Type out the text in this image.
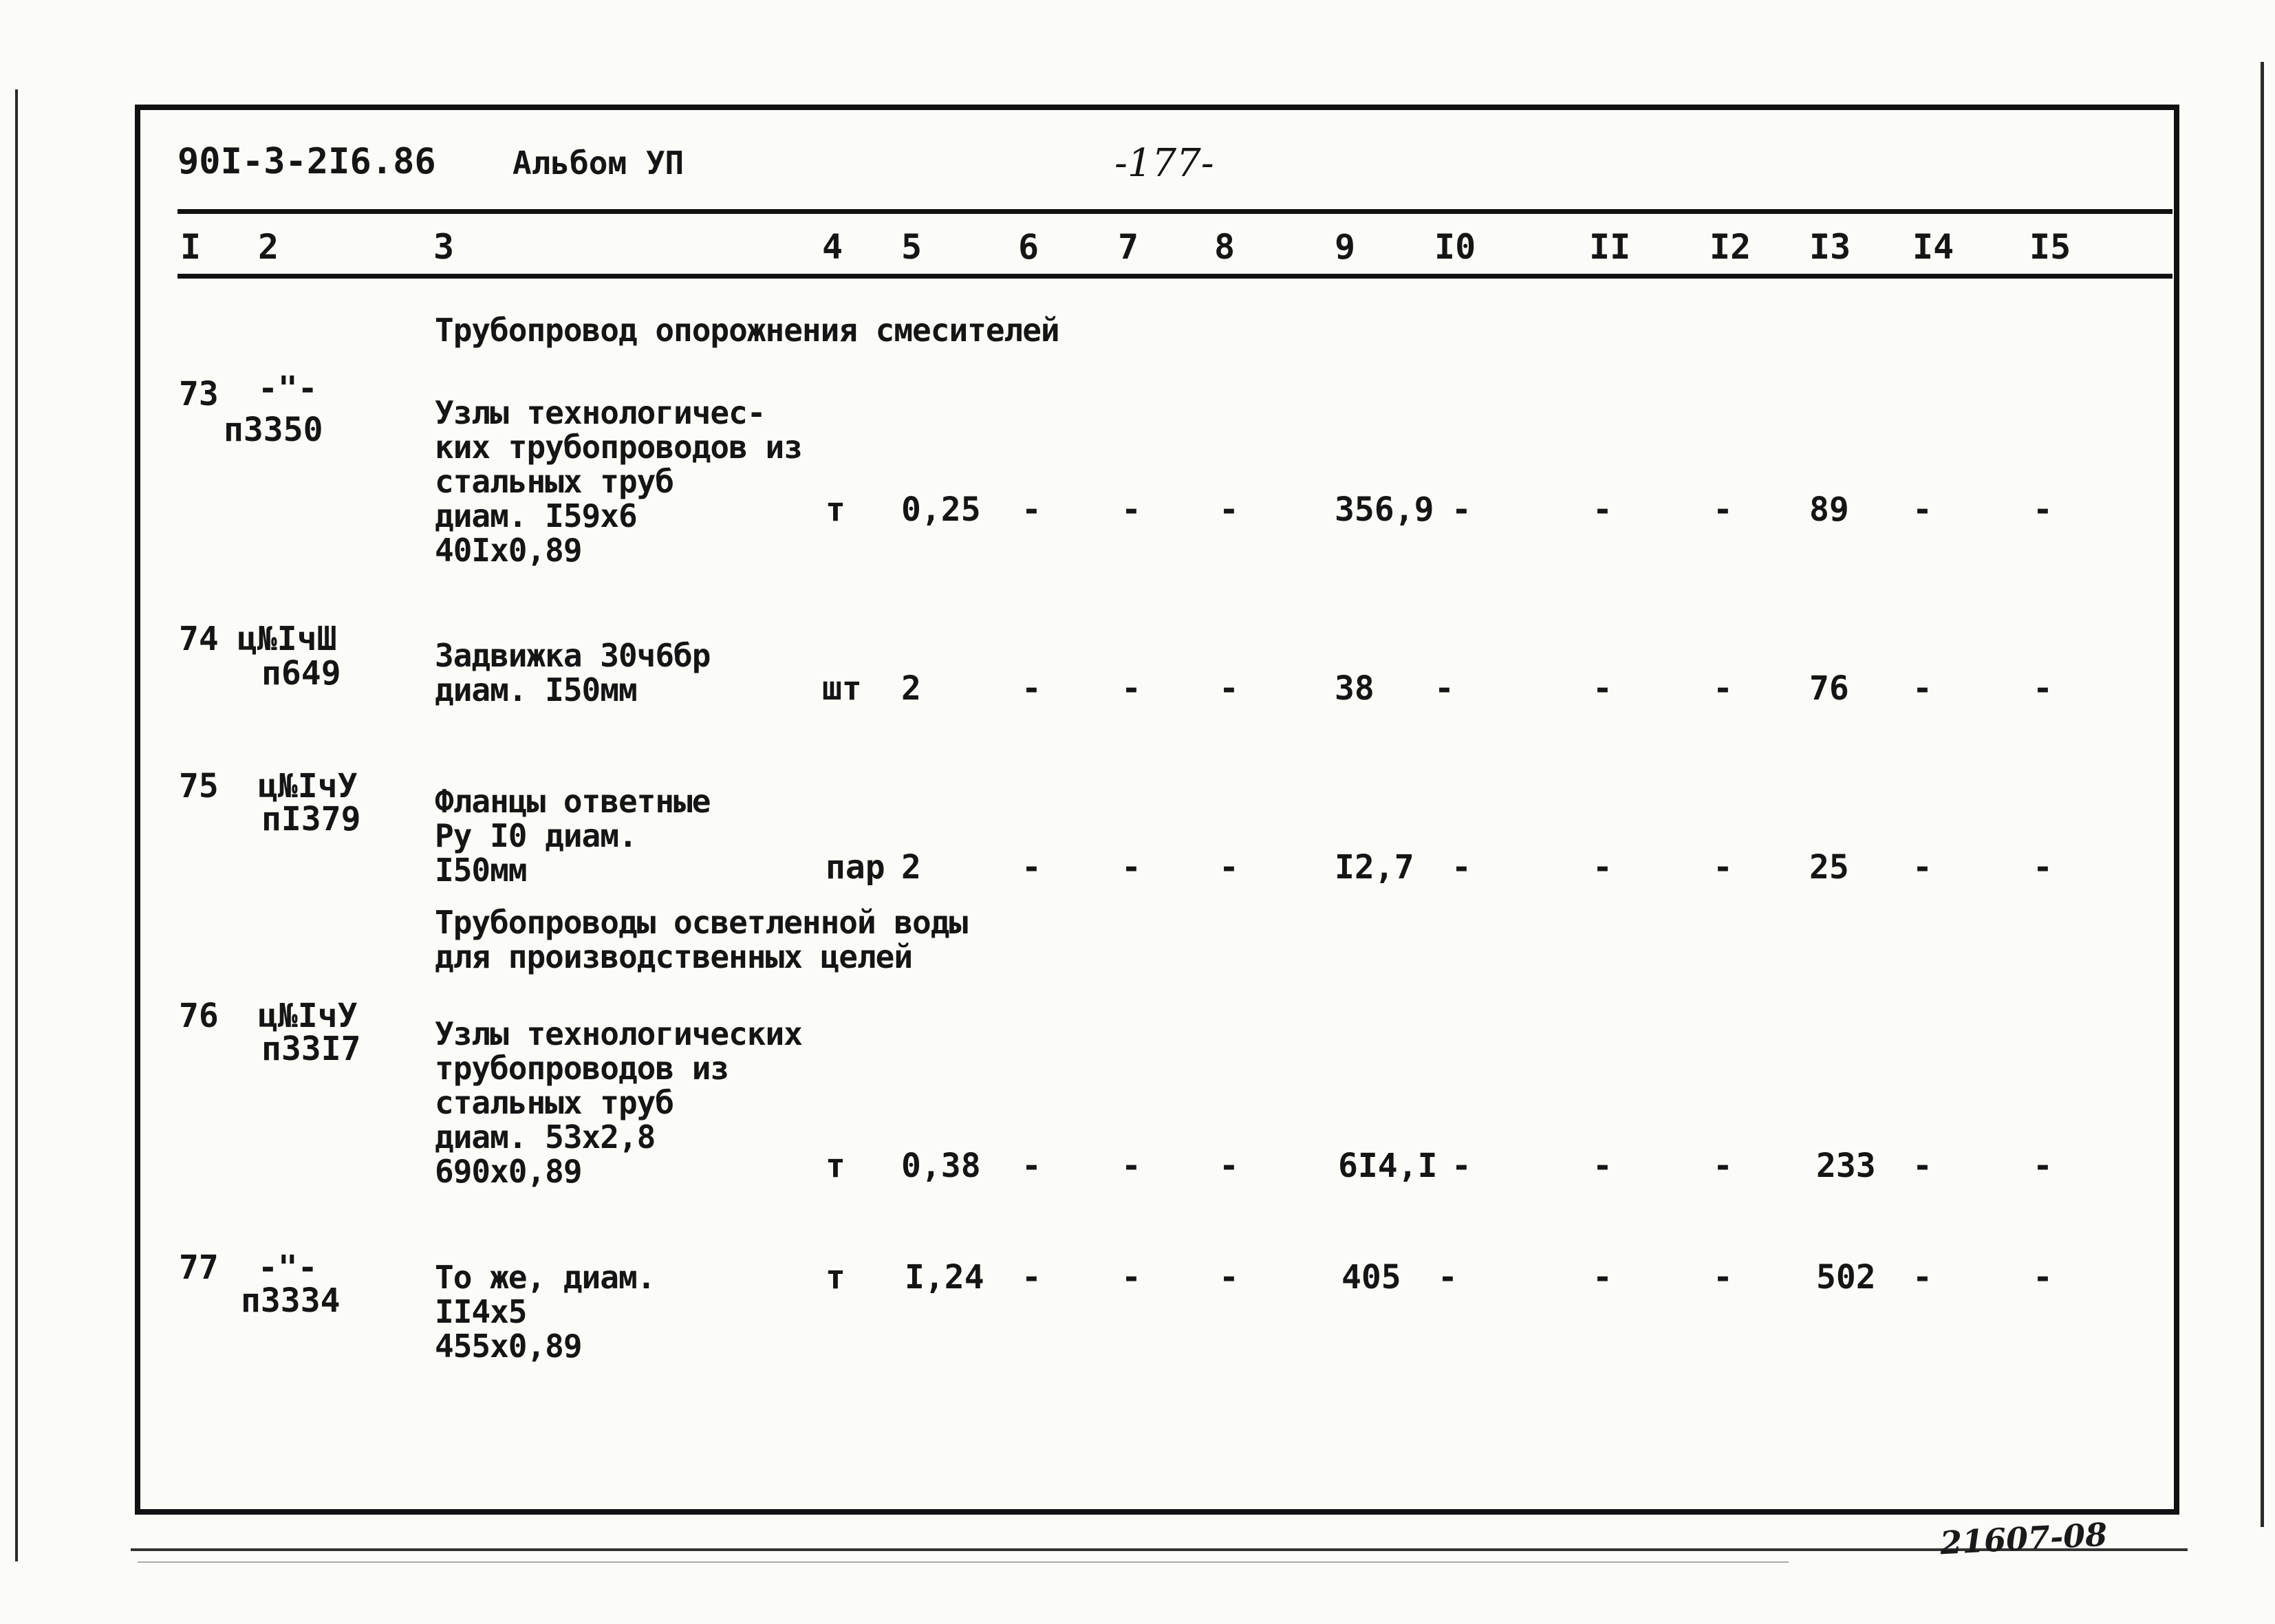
90I-3-2I6.86 Альбом УП	-177-
I 2	3	4 5	6 7 8	9 I0	II I2 I3 I4 I5
Трубопровод опорожнения смесителей
73 -"-
п3350	Узлы технологичес-
ких трубопроводов из
стальных труб
диам. I59х6
40Iх0,89
т 0,25 - - -	356,9 -	-	- 89 -	-
74 ц№IчШ
п649	Задвижка 30ч6бр
диам. I50мм	шт 2	- - -	38 -	-	- 76 -	-
75 ц№IчУ
пI379 Фланцы ответные
Ру I0 диам.
I50мм	пар 2	- - -	I2,7 -	-	- 25 -	-
Трубопроводы осветленной воды
для производственных целей
76 ц№IчУ
п33I7 Узлы технологических
трубопроводов из
стальных труб
диам. 53х2,8
690х0,89	т 0,38 - - -	6I4,I -	-	-	233 -	-
77 -"-
п3334
То же, диам.
II4х5
455х0,89
т I,24 - - -	405 -	-	-	502 -	-
21607-08
